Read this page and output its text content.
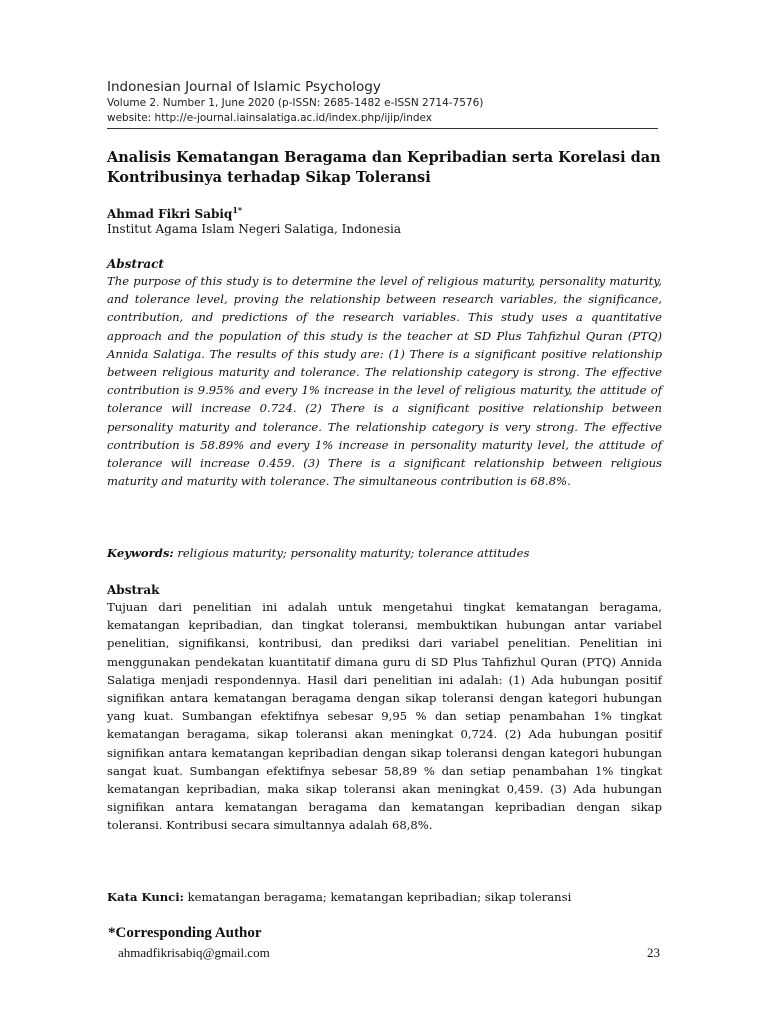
Indonesian Journal of Islamic Psychology
Volume 2. Number 1, June 2020 (p-ISSN: 2685-1482 e-ISSN 2714-7576)
website: http://e-journal.iainsalatiga.ac.id/index.php/ijip/index
Analisis Kematangan Beragama dan Kepribadian serta Korelasi dan Kontribusinya terhadap Sikap Toleransi
Ahmad Fikri Sabiq$^{1*}$
Institut Agama Islam Negeri Salatiga, Indonesia

Abstract

The purpose of this study is to determine the level of religious maturity, personality maturity, and tolerance level, proving the relationship between research variables, the significance, contribution, and predictions of the research variables. This study uses a quantitative approach and the population of this study is the teacher at SD Plus Tahfizhul Quran (PTQ) Annida Salatiga. The results of this study are: (1) There is a significant positive relationship between religious maturity and tolerance. The relationship category is strong. The effective contribution is 9.95% and every 1% increase in the level of religious maturity, the attitude of tolerance will increase 0.724. (2) There is a significant positive relationship between personality maturity and tolerance. The relationship category is very strong. The effective contribution is 58.89% and every 1% increase in personality maturity level, the attitude of tolerance will increase 0.459. (3) There is a significant relationship between religious maturity and maturity with tolerance. The simultaneous contribution is 68.8%.

Keywords: religious maturity; personality maturity; tolerance attitudes

Abstrak

Tujuan dari penelitian ini adalah untuk mengetahui tingkat kematangan beragama, kematangan kepribadian, dan tingkat toleransi, membuktikan hubungan antar variabel penelitian, signifikansi, kontribusi, dan prediksi dari variabel penelitian. Penelitian ini menggunakan pendekatan kuantitatif dimana guru di SD Plus Tahfizhul Quran (PTQ) Annida Salatiga menjadi respondennya. Hasil dari penelitian ini adalah: (1) Ada hubungan positif signifikan antara kematangan beragama dengan sikap toleransi dengan kategori hubungan yang kuat. Sumbangan efektifnya sebesar 9,95 % dan setiap penambahan 1% tingkat kematangan beragama, sikap toleransi akan meningkat 0,724. (2) Ada hubungan positif signifikan antara kematangan kepribadian dengan sikap toleransi dengan kategori hubungan sangat kuat. Sumbangan efektifnya sebesar 58,89 % dan setiap penambahan 1% tingkat kematangan kepribadian, maka sikap toleransi akan meningkat 0,459. (3) Ada hubungan signifikan antara kematangan beragama dan kematangan kepribadian dengan sikap toleransi. Kontribusi secara simultannya adalah 68,8%.

Kata Kunci: kematangan beragama; kematangan kepribadian; sikap toleransi
*Corresponding Author
ahmadfikrisabiq@gmail.com	23
